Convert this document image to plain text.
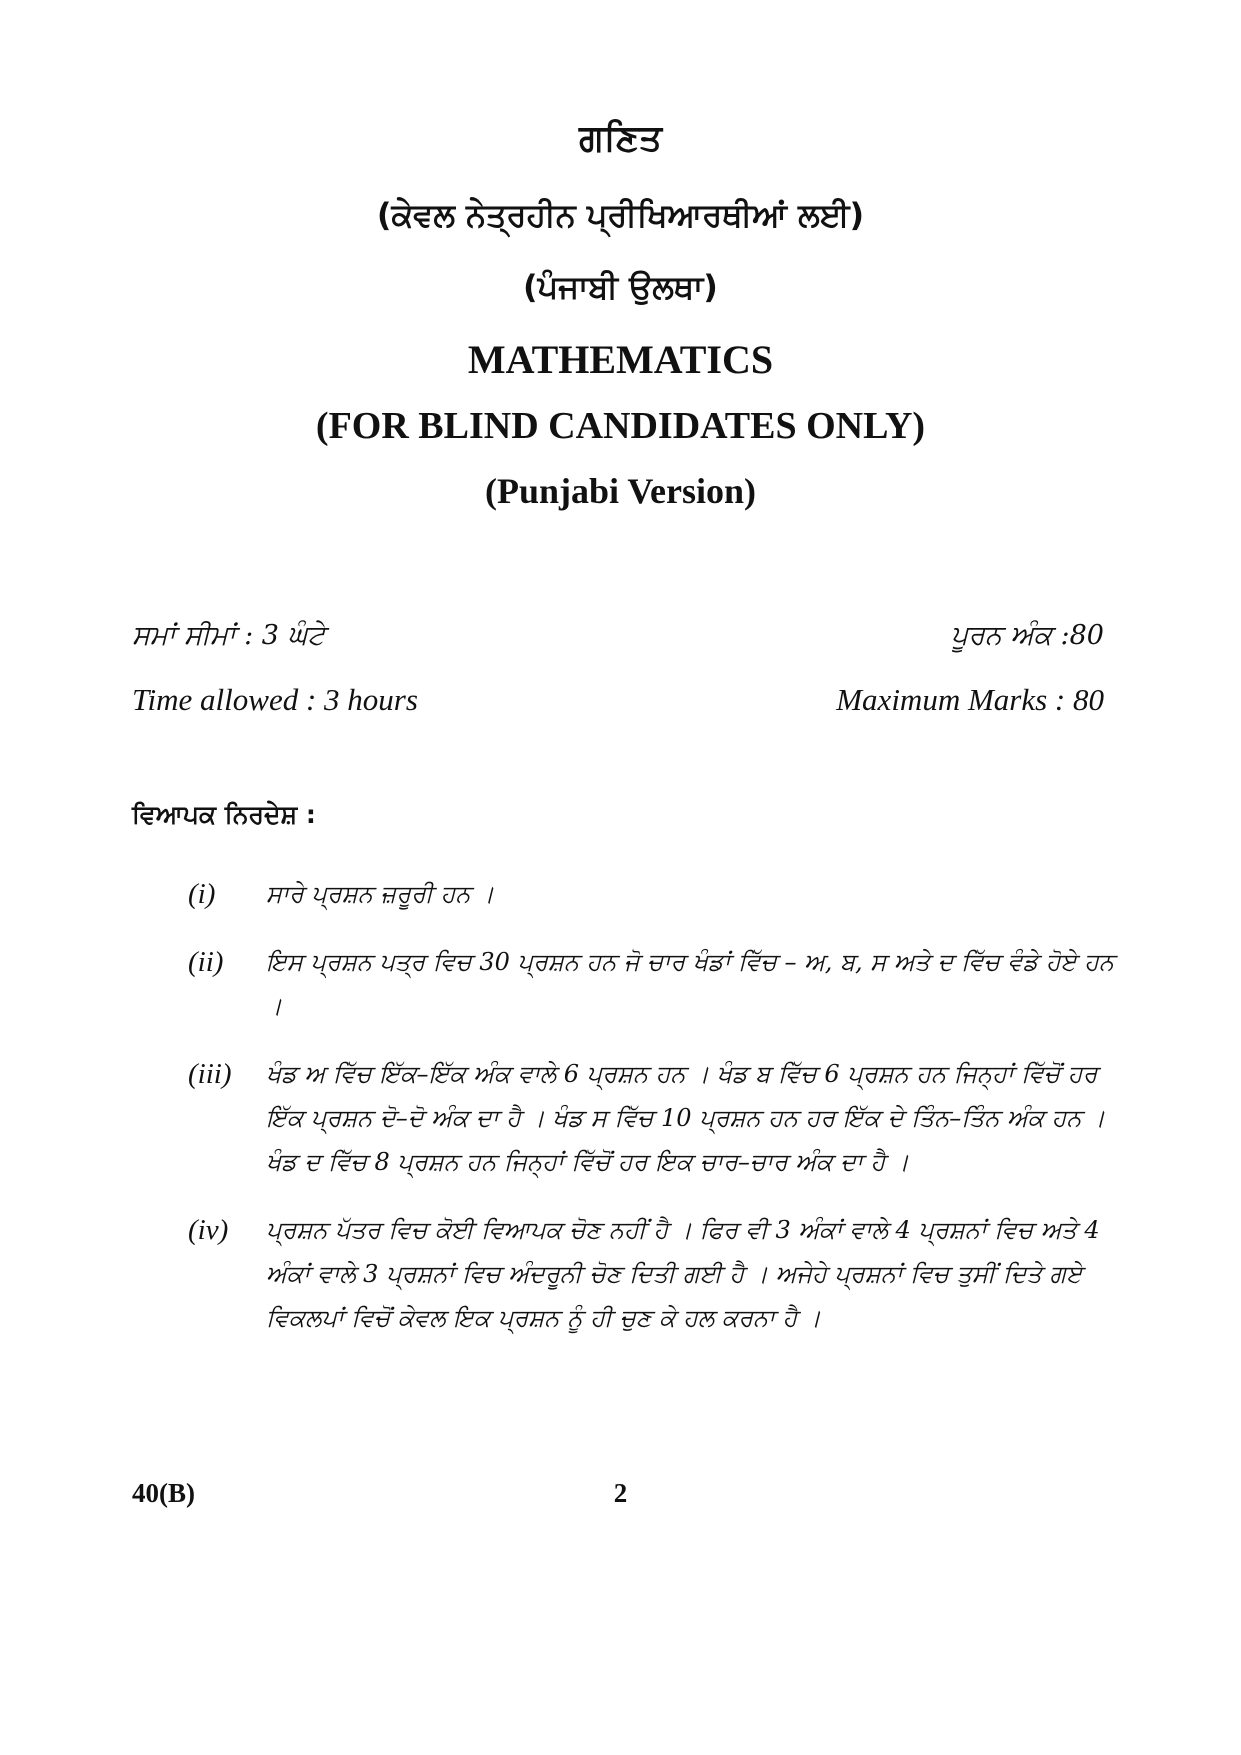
ਗਣਿਤ
(ਕੇਵਲ ਨੇਤ੍ਰਹੀਨ ਪ੍ਰੀਖਿਆਰਥੀਆਂ ਲਈ)
(ਪੰਜਾਬੀ ਉਲਥਾ)
MATHEMATICS
(FOR BLIND CANDIDATES ONLY)
(Punjabi Version)
ਸਮਾਂ ਸੀਮਾਂ : 3 ਘੰਟੇ	ਪੂਰਨ ਅੰਕ :80
Time allowed : 3 hours	Maximum Marks : 80
ਵਿਆਪਕ ਨਿਰਦੇਸ਼ :
(i)	ਸਾਰੇ ਪ੍ਰਸ਼ਨ ਜ਼ਰੂਰੀ ਹਨ ।
(ii)	ਇਸ ਪ੍ਰਸ਼ਨ ਪਤ੍ਰ ਵਿਚ 30 ਪ੍ਰਸ਼ਨ ਹਨ ਜੋ ਚਾਰ ਖੰਡਾਂ ਵਿੱਚ – ਅ, ਬ, ਸ ਅਤੇ ਦ ਵਿੱਚ ਵੰਡੇ ਹੋਏ ਹਨ ।
(iii)	ਖੰਡ ਅ ਵਿੱਚ ਇੱਕ–ਇੱਕ ਅੰਕ ਵਾਲੇ 6 ਪ੍ਰਸ਼ਨ ਹਨ । ਖੰਡ ਬ ਵਿੱਚ 6 ਪ੍ਰਸ਼ਨ ਹਨ ਜਿਨ੍ਹਾਂ ਵਿੱਚੋਂ ਹਰ ਇੱਕ ਪ੍ਰਸ਼ਨ ਦੋ–ਦੋ ਅੰਕ ਦਾ ਹੈ । ਖੰਡ ਸ ਵਿੱਚ 10 ਪ੍ਰਸ਼ਨ ਹਨ ਹਰ ਇੱਕ ਦੇ ਤਿੰਨ–ਤਿੰਨ ਅੰਕ ਹਨ । ਖੰਡ ਦ ਵਿੱਚ 8 ਪ੍ਰਸ਼ਨ ਹਨ ਜਿਨ੍ਹਾਂ ਵਿੱਚੋਂ ਹਰ ਇਕ ਚਾਰ–ਚਾਰ ਅੰਕ ਦਾ ਹੈ ।
(iv)	ਪ੍ਰਸ਼ਨ ਪੱਤਰ ਵਿਚ ਕੋਈ ਵਿਆਪਕ ਚੋਣ ਨਹੀਂ ਹੈ । ਫਿਰ ਵੀ 3 ਅੰਕਾਂ ਵਾਲੇ 4 ਪ੍ਰਸ਼ਨਾਂ ਵਿਚ ਅਤੇ 4 ਅੰਕਾਂ ਵਾਲੇ 3 ਪ੍ਰਸ਼ਨਾਂ ਵਿਚ ਅੰਦਰੂਨੀ ਚੋਣ ਦਿਤੀ ਗਈ ਹੈ । ਅਜੇਹੇ ਪ੍ਰਸ਼ਨਾਂ ਵਿਚ ਤੁਸੀਂ ਦਿਤੇ ਗਏ ਵਿਕਲਪਾਂ ਵਿਚੋਂ ਕੇਵਲ ਇਕ ਪ੍ਰਸ਼ਨ ਨੂੰ ਹੀ ਚੁਣ ਕੇ ਹਲ ਕਰਨਾ ਹੈ ।
40(B)	2
